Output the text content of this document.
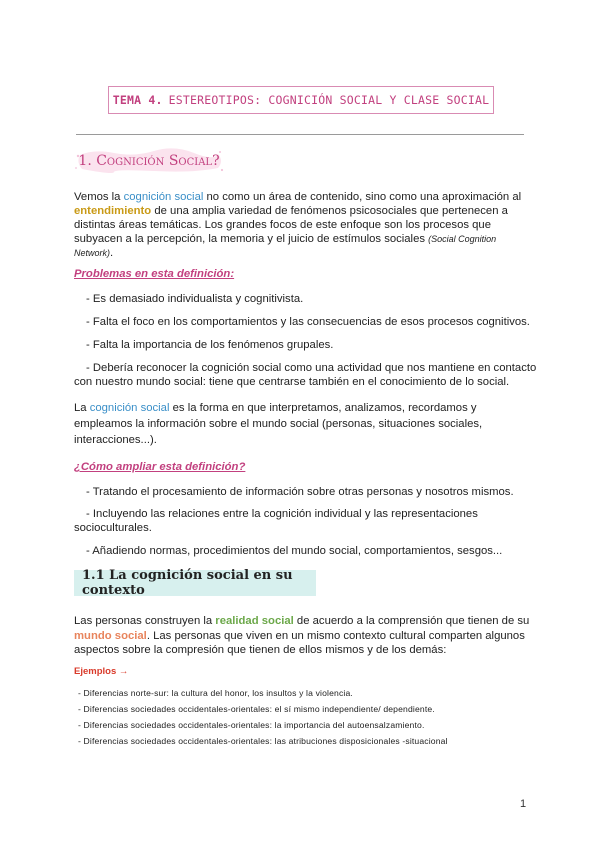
TEMA 4. ESTEREOTIPOS: COGNICIÓN SOCIAL Y CLASE SOCIAL
1. Cognición Social?
Vemos la cognición social no como un área de contenido, sino como una aproximación al
entendimiento de una amplia variedad de fenómenos psicosociales que pertenecen a
distintas áreas temáticas. Los grandes focos de este enfoque son los procesos que
subyacen a la percepción, la memoria y el juicio de estímulos sociales (Social Cognition
Network).
Problemas en esta definición:
- Es demasiado individualista y cognitivista.
- Falta el foco en los comportamientos y las consecuencias de esos procesos cognitivos.
- Falta la importancia de los fenómenos grupales.
- Debería reconocer la cognición social como una actividad que nos mantiene en contacto
con nuestro mundo social: tiene que centrarse también en el conocimiento de lo social.
La cognición social es la forma en que interpretamos, analizamos, recordamos y
empleamos la información sobre el mundo social (personas, situaciones sociales,
interacciones...).
¿Cómo ampliar esta definición?
- Tratando el procesamiento de información sobre otras personas y nosotros mismos.
- Incluyendo las relaciones entre la cognición individual y las representaciones
socioculturales.
- Añadiendo normas, procedimientos del mundo social, comportamientos, sesgos...
1.1 La cognición social en su contexto
Las personas construyen la realidad social de acuerdo a la comprensión que tienen de su
mundo social. Las personas que viven en un mismo contexto cultural comparten algunos
aspectos sobre la compresión que tienen de ellos mismos y de los demás:
Ejemplos →
- Diferencias norte-sur: la cultura del honor, los insultos y la violencia.
- Diferencias sociedades occidentales-orientales: el sí mismo independiente/ dependiente.
- Diferencias sociedades occidentales-orientales: la importancia del autoensalzamiento.
- Diferencias sociedades occidentales-orientales: las atribuciones disposicionales -situacional
1
